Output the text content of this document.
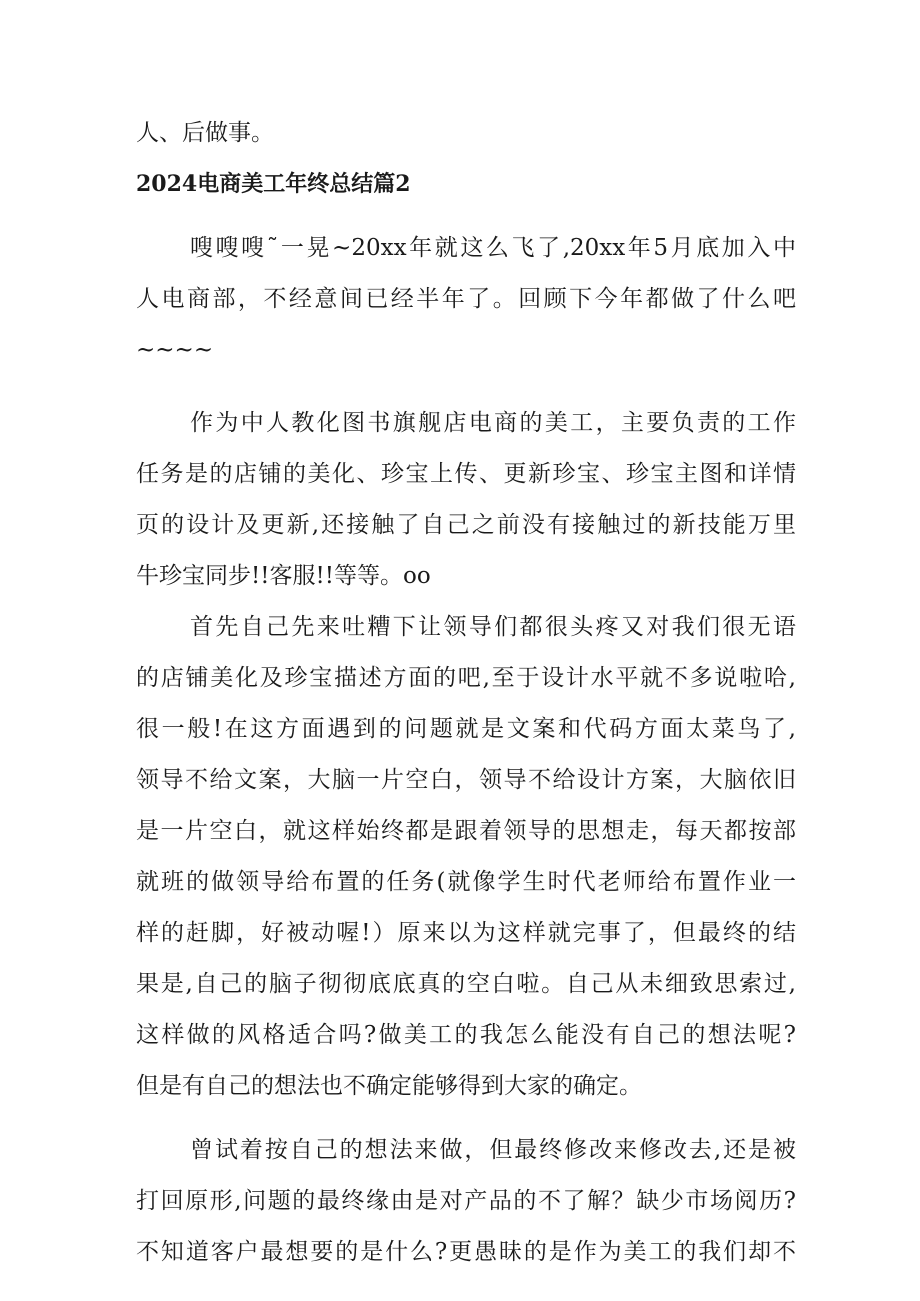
人、后做事。
2024电商美工年终总结篇2
嗖嗖嗖˜一晃~20xx年就这么飞了,20xx年5月底加入中
人电商部，不经意间已经半年了。回顾下今年都做了什么吧
~~~~
作为中人教化图书旗舰店电商的美工，主要负责的工作
任务是的店铺的美化、珍宝上传、更新珍宝、珍宝主图和详情
页的设计及更新,还接触了自己之前没有接触过的新技能万里
牛珍宝同步!!客服!!等等。oo
首先自己先来吐糟下让领导们都很头疼又对我们很无语
的店铺美化及珍宝描述方面的吧,至于设计水平就不多说啦哈,
很一般!在这方面遇到的问题就是文案和代码方面太菜鸟了,
领导不给文案，大脑一片空白，领导不给设计方案，大脑依旧
是一片空白，就这样始终都是跟着领导的思想走，每天都按部
就班的做领导给布置的任务(就像学生时代老师给布置作业一
样的赶脚，好被动喔!）原来以为这样就完事了，但最终的结
果是,自己的脑子彻彻底底真的空白啦。自己从未细致思索过,
这样做的风格适合吗?做美工的我怎么能没有自己的想法呢?
但是有自己的想法也不确定能够得到大家的确定。
曾试着按自己的想法来做，但最终修改来修改去,还是被
打回原形,问题的最终缘由是对产品的不了解？缺少市场阅历?
不知道客户最想要的是什么?更愚昧的是作为美工的我们却不
